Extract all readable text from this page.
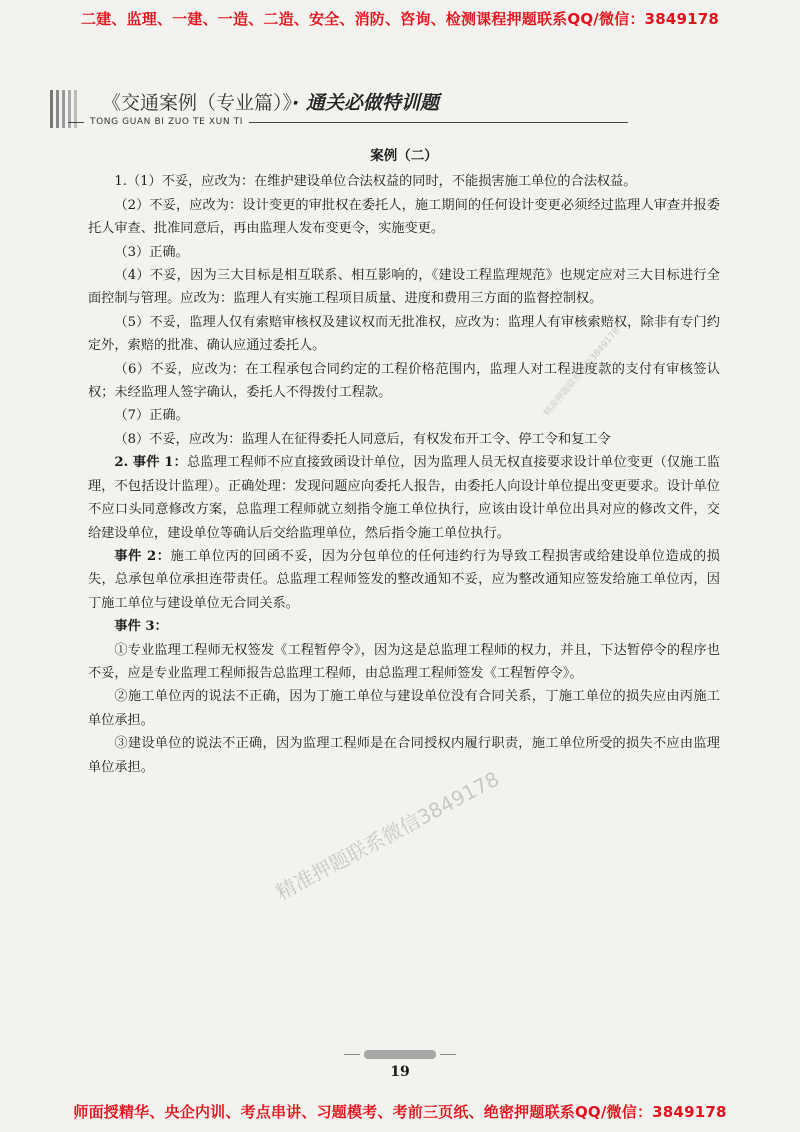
二建、监理、一建、一造、二造、安全、消防、咨询、检测课程押题联系QQ/微信：3849178
《交通案例（专业篇）》· 通关必做特训题
TONG GUAN BI ZUO TE XUN TI
案例（二）

1.（1）不妥，应改为：在维护建设单位合法权益的同时，不能损害施工单位的合法权益。

（2）不妥，应改为：设计变更的审批权在委托人，施工期间的任何设计变更必须经过监理人审查并报委托人审查、批准同意后，再由监理人发布变更令，实施变更。

（3）正确。

（4）不妥，因为三大目标是相互联系、相互影响的，《建设工程监理规范》也规定应对三大目标进行全面控制与管理。应改为：监理人有实施工程项目质量、进度和费用三方面的监督控制权。

（5）不妥，监理人仅有索赔审核权及建议权而无批准权，应改为：监理人有审核索赔权，除非有专门约定外，索赔的批准、确认应通过委托人。

（6）不妥，应改为：在工程承包合同约定的工程价格范围内，监理人对工程进度款的支付有审核签认权；未经监理人签字确认，委托人不得拨付工程款。

（7）正确。

（8）不妥，应改为：监理人在征得委托人同意后，有权发布开工令、停工令和复工令

2. 事件 1：总监理工程师不应直接致函设计单位，因为监理人员无权直接要求设计单位变更（仅施工监理，不包括设计监理）。正确处理：发现问题应向委托人报告，由委托人向设计单位提出变更要求。设计单位不应口头同意修改方案，总监理工程师就立刻指令施工单位执行，应该由设计单位出具对应的修改文件，交给建设单位，建设单位等确认后交给监理单位，然后指令施工单位执行。

事件 2：施工单位丙的回函不妥，因为分包单位的任何违约行为导致工程损害或给建设单位造成的损失，总承包单位承担连带责任。总监理工程师签发的整改通知不妥，应为整改通知应签发给施工单位丙，因丁施工单位与建设单位无合同关系。

事件 3：

①专业监理工程师无权签发《工程暂停令》，因为这是总监理工程师的权力，并且，下达暂停令的程序也不妥，应是专业监理工程师报告总监理工程师，由总监理工程师签发《工程暂停令》。

②施工单位丙的说法不正确，因为丁施工单位与建设单位没有合同关系，丁施工单位的损失应由丙施工单位承担。

③建设单位的说法不正确，因为监理工程师是在合同授权内履行职责，施工单位所受的损失不应由监理单位承担。

精准押题联系微信3849178
精准押题联系微信3849178
19
师面授精华、央企内训、考点串讲、习题模考、考前三页纸、绝密押题联系QQ/微信：3849178
